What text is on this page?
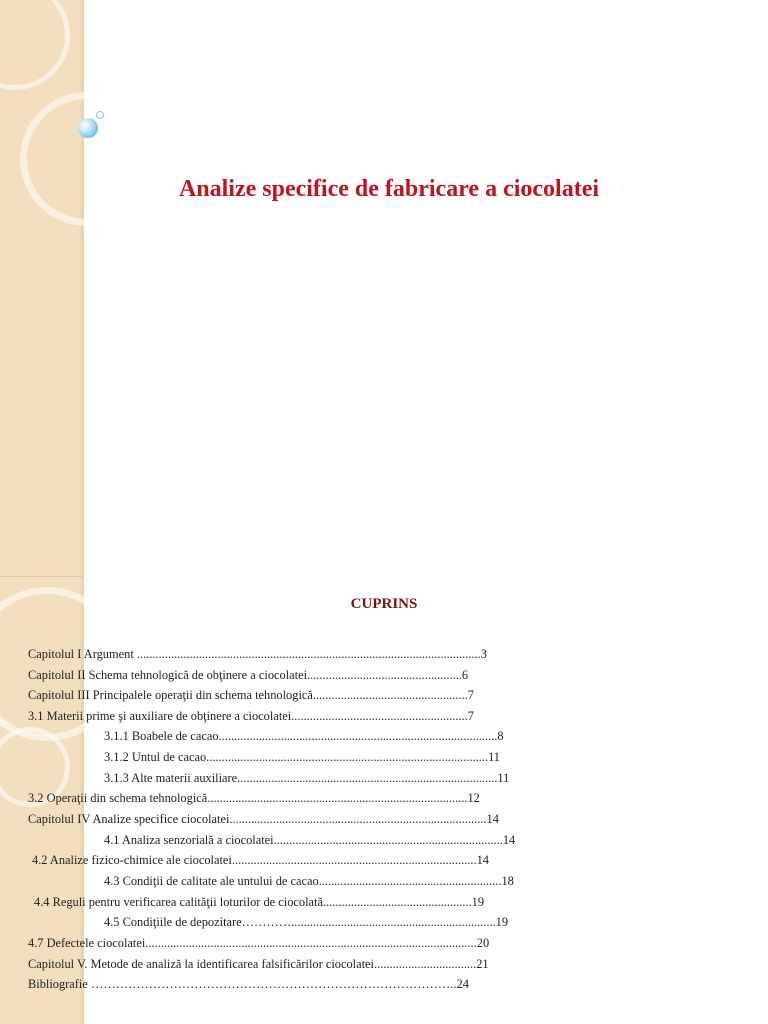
Analize specifice de fabricare a ciocolatei
CUPRINS
Capitolul I Argument ...............................................................................................................3
Capitolul II Schema tehnologică de obţinere a ciocolatei..................................................6
Capitolul III Principalele operaţii din schema tehnologică..................................................7
3.1 Materii prime şi auxiliare de obţinere a ciocolatei.........................................................7
3.1.1 Boabele de cacao..........................................................................................8
3.1.2 Untul de cacao...........................................................................................11
3.1.3 Alte materii auxiliare....................................................................................11
3.2 Operaţii din schema tehnologică....................................................................................12
Capitolul IV Analize specifice ciocolatei...................................................................................14
4.1 Analiza senzorială a ciocolatei..........................................................................14
4.2 Analize fizico-chimice ale ciocolatei...............................................................................14
4.3 Condiţii de calitate ale untului de cacao...........................................................18
4.4 Reguli pentru verificarea calităţii loturilor de ciocolată................................................19
4.5 Condiţiile de depozitare…………..................................................................19
4.7 Defectele ciocolatei...........................................................................................................20
Capitolul V. Metode de analiză la identificarea falsificărilor ciocolatei.................................21
Bibliografie ……………………………………………………………………………..24
